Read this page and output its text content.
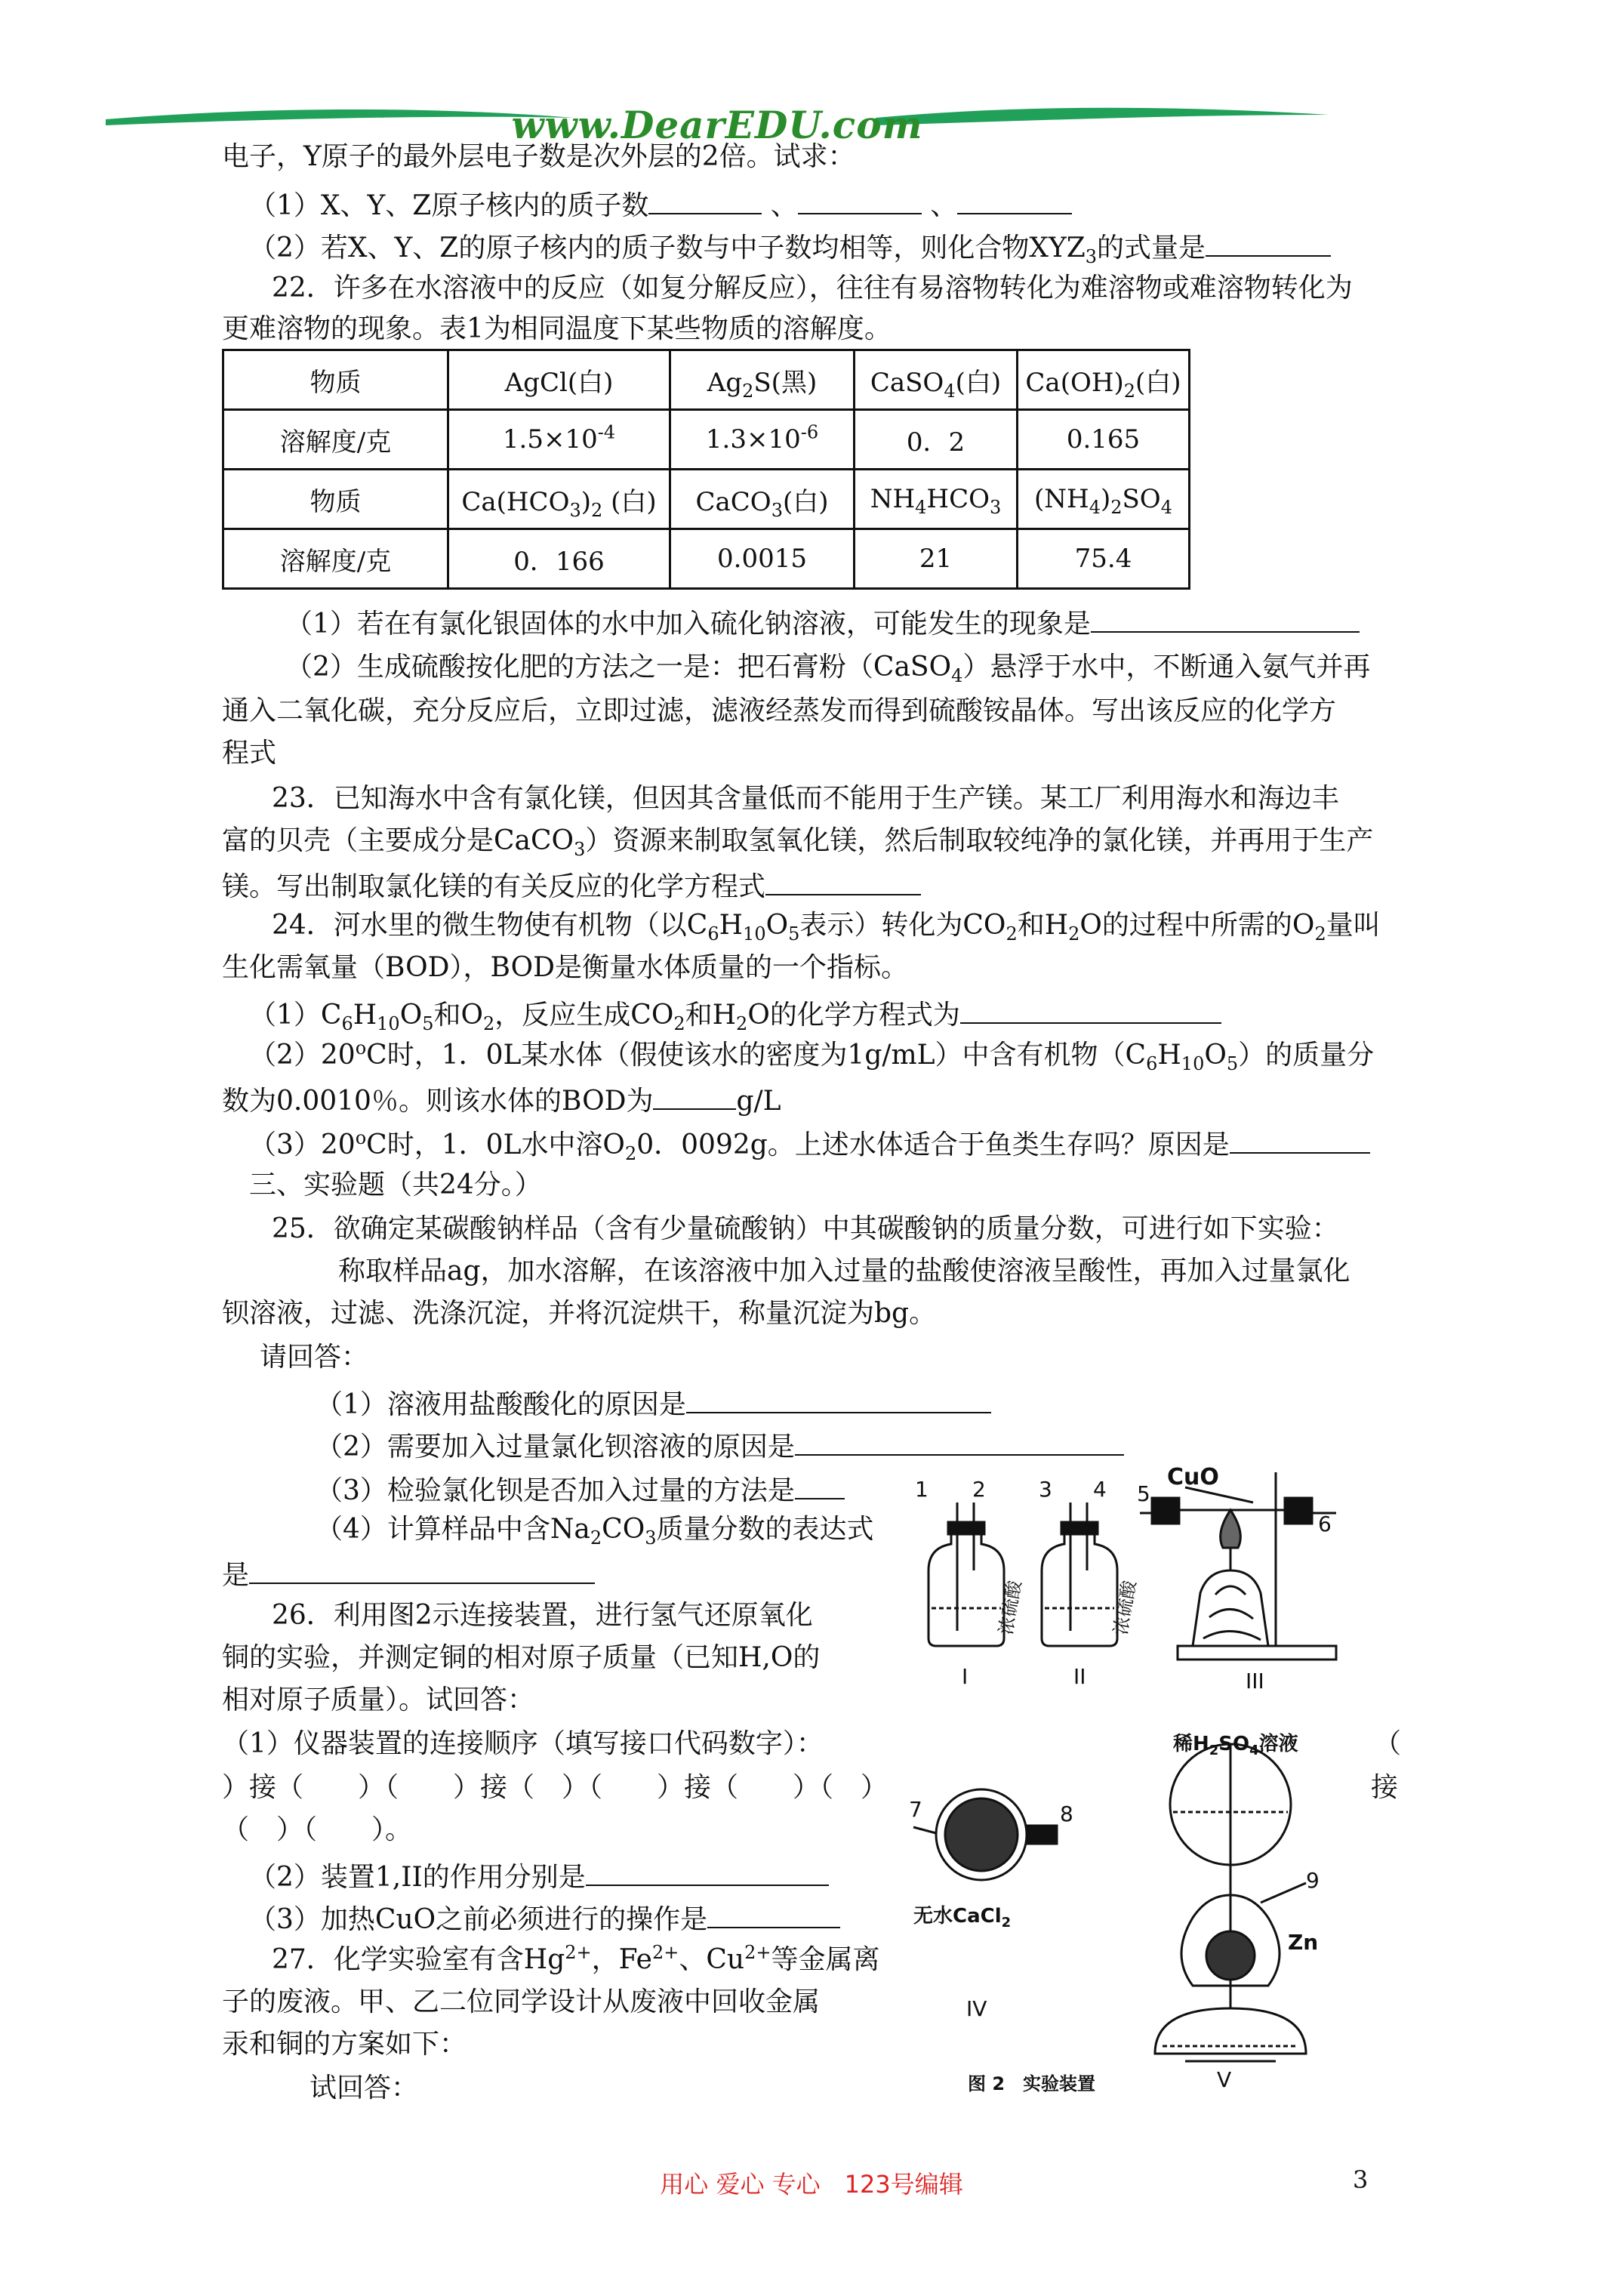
www.DearEDU.com
电子，Y原子的最外层电子数是次外层的2倍。试求：
（1）X、Y、Z原子核内的质子数	、	、
（2）若X、Y、Z的原子核内的质子数与中子数均相等，则化合物$XYZ_3$的式量是
22．许多在水溶液中的反应（如复分解反应），往往有易溶物转化为难溶物或难溶物转化为
更难溶物的现象。表1为相同温度下某些物质的溶解度。
物质	AgCl(白)	$Ag_2S$(黑)	CaSO$_4$(白)	$Ca(OH)_2$(白)
溶解度/克	$1.5\times 10^{-4}$	$1.3\times 10^{-6}$	0．2	0.165
物质	$Ca(HCO_3)_2$ (白)	CaCO$_3$(白)	$NH_4HCO_3$	$(NH_4)_2SO_4$
溶解度/克	0．166	0.0015	21	75.4
（1）若在有氯化银固体的水中加入硫化钠溶液，可能发生的现象是
（2）生成硫酸按化肥的方法之一是：把石膏粉（CaSO$_4$）悬浮于水中，不断通入氨气并再
通入二氧化碳，充分反应后，立即过滤，滤液经蒸发而得到硫酸铵晶体。写出该反应的化学方
程式
23．已知海水中含有氯化镁，但因其含量低而不能用于生产镁。某工厂利用海水和海边丰
富的贝壳（主要成分是CaCO$_3$）资源来制取氢氧化镁，然后制取较纯净的氯化镁，并再用于生产
镁。写出制取氯化镁的有关反应的化学方程式
24．河水里的微生物使有机物（以$C_6H_{10}O_5$表示）转化为$CO_2$和$H_2O$的过程中所需的$O_2$量叫
生化需氧量（BOD），BOD是衡量水体质量的一个指标。
$(1)C_6H_{10}O_5$和$O_2$，反应生成$CO_2$和$H_2O$的化学方程式为
（2）20$^o$C时，1．0L某水体（假使该水的密度为1g/mL）中含有机物$(C_6H_{10}O_5)$的质量分
数为0.0010％。则该水体的BOD为	g/L
（3）20$^o$C时，1．0L水中溶$O_20$．0092g。上述水体适合于鱼类生存吗？原因是
三、实验题（共24分。）
25．欲确定某碳酸钠样品（含有少量硫酸钠）中其碳酸钠的质量分数，可进行如下实验：
称取样品ag，加水溶解，在该溶液中加入过量的盐酸使溶液呈酸性，再加入过量氯化
钡溶液，过滤、洗涤沉淀，并将沉淀烘干，称量沉淀为bg。
请回答：
（1）溶液用盐酸酸化的原因是
（2）需要加入过量氯化钡溶液的原因是
（3）检验氯化钡是否加入过量的方法是
（4）计算样品中含$Na_2CO_3$质量分数的表达式
是
26．利用图2示连接装置，进行氢气还原氧化
铜的实验，并测定铜的相对原子质量（已知H,O的
相对原子质量）。试回答：
（1）仪器装置的连接顺序（填写接口代码数字）：	（
）接（　　）（　　）接（　）（　　）接（　　）（　）	接
（　）（　　）。
（2）装置1,II的作用分别是
（3）加热CuO之前必须进行的操作是
27．化学实验室有含$Hg^{2+}$，$Fe^{2+}$、$Cu^{2+}$等金属离
子的废液。甲、乙二位同学设计从废液中回收金属
汞和铜的方案如下：
试回答：
CuO
1 2	3 4 5
6
浓硫酸	浓硫酸
I	II	III
稀$H_2SO_4$溶液
9
7	8
Zn
无水CaCl$_2$
IV
V
图 2　实验装置
用心 爱心 专心　123号编辑	3
